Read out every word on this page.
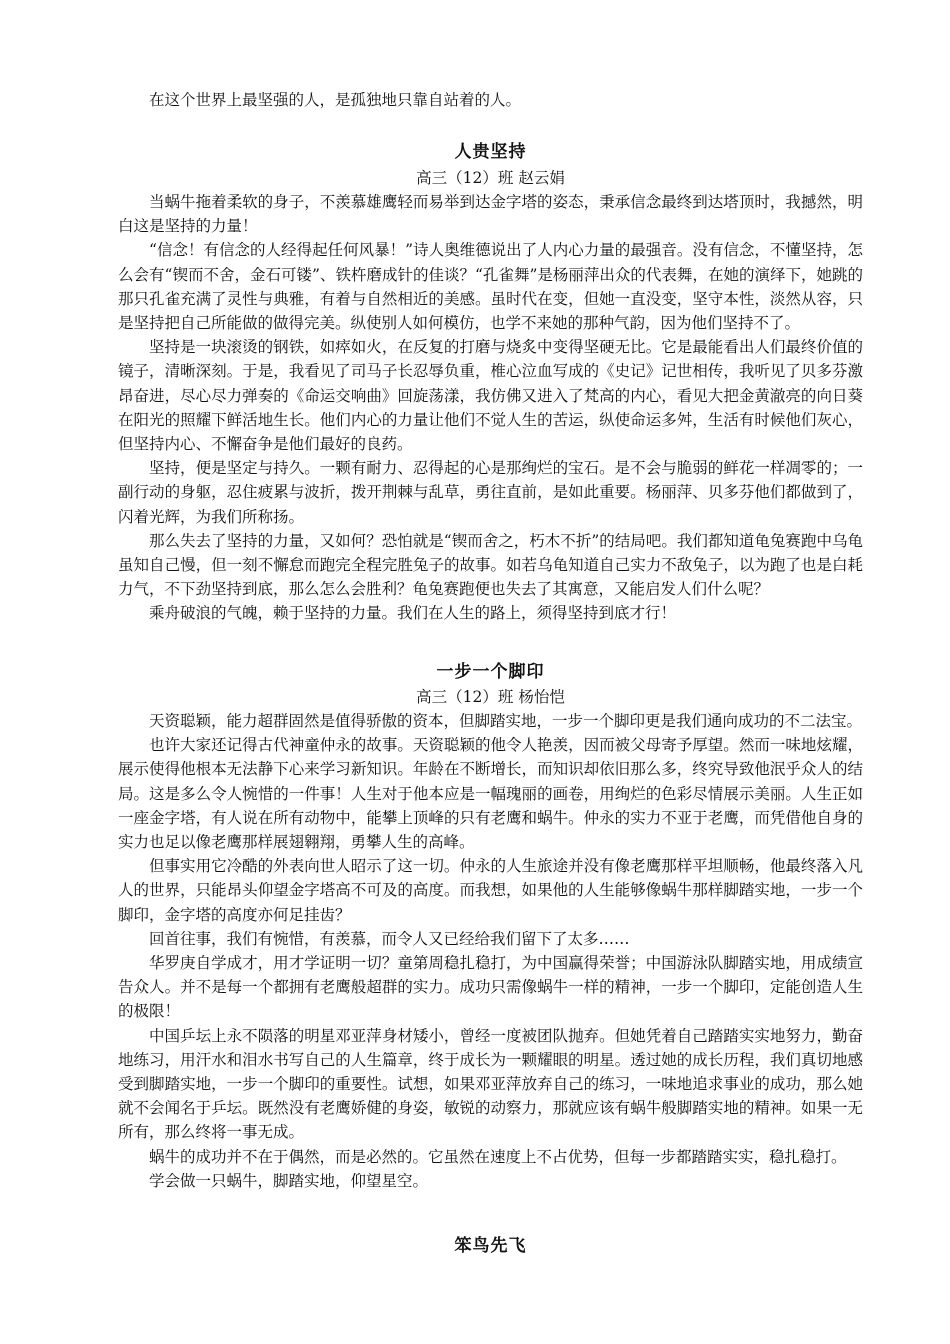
在这个世界上最坚强的人，是孤独地只靠自站着的人。

人贵坚持
高三（12）班 赵云娟

当蜗牛拖着柔软的身子，不羡慕雄鹰轻而易举到达金字塔的姿态，秉承信念最终到达塔顶时，我撼然，明白这是坚持的力量！

“信念！有信念的人经得起任何风暴！”诗人奥维德说出了人内心力量的最强音。没有信念，不懂坚持，怎么会有“锲而不舍，金石可镂”、铁杵磨成针的佳谈？“孔雀舞”是杨丽萍出众的代表舞，在她的演绎下，她跳的那只孔雀充满了灵性与典雅，有着与自然相近的美感。虽时代在变，但她一直没变，坚守本性，淡然从容，只是坚持把自己所能做的做得完美。纵使别人如何模仿，也学不来她的那种气韵，因为他们坚持不了。

坚持是一块滚烫的钢铁，如瘁如火，在反复的打磨与烧炙中变得坚硬无比。它是最能看出人们最终价值的镜子，清晰深刻。于是，我看见了司马子长忍辱负重，椎心泣血写成的《史记》记世相传，我听见了贝多芬激昂奋进，尽心尽力弹奏的《命运交响曲》回旋荡漾，我仿佛又进入了梵高的内心，看见大把金黄澈亮的向日葵在阳光的照耀下鲜活地生长。他们内心的力量让他们不觉人生的苦运，纵使命运多舛，生活有时候他们灰心，但坚持内心、不懈奋争是他们最好的良药。

坚持，便是坚定与持久。一颗有耐力、忍得起的心是那绚烂的宝石。是不会与脆弱的鲜花一样凋零的；一副行动的身躯，忍住疲累与波折，拨开荆棘与乱草，勇往直前，是如此重要。杨丽萍、贝多芬他们都做到了，闪着光辉，为我们所称扬。

那么失去了坚持的力量，又如何？恐怕就是“锲而舍之，朽木不折”的结局吧。我们都知道龟兔赛跑中乌龟虽知自己慢，但一刻不懈怠而跑完全程完胜兔子的故事。如若乌龟知道自己实力不敌兔子，以为跑了也是白耗力气，不下劲坚持到底，那么怎么会胜利？龟兔赛跑便也失去了其寓意，又能启发人们什么呢？

乘舟破浪的气魄，赖于坚持的力量。我们在人生的路上，须得坚持到底才行！

一步一个脚印
高三（12）班 杨怡恺

天资聪颖，能力超群固然是值得骄傲的资本，但脚踏实地，一步一个脚印更是我们通向成功的不二法宝。

也许大家还记得古代神童仲永的故事。天资聪颖的他令人艳羡，因而被父母寄予厚望。然而一味地炫耀，展示使得他根本无法静下心来学习新知识。年龄在不断增长，而知识却依旧那么多，终究导致他泯乎众人的结局。这是多么令人惋惜的一件事！人生对于他本应是一幅瑰丽的画卷，用绚烂的色彩尽情展示美丽。人生正如一座金字塔，有人说在所有动物中，能攀上顶峰的只有老鹰和蜗牛。仲永的实力不亚于老鹰，而凭借他自身的实力也足以像老鹰那样展翅翱翔，勇攀人生的高峰。

但事实用它冷酷的外表向世人昭示了这一切。仲永的人生旅途并没有像老鹰那样平坦顺畅，他最终落入凡人的世界，只能昂头仰望金字塔高不可及的高度。而我想，如果他的人生能够像蜗牛那样脚踏实地，一步一个脚印，金字塔的高度亦何足挂齿？

回首往事，我们有惋惜，有羡慕，而令人又已经给我们留下了太多……

华罗庚自学成才，用才学证明一切？童第周稳扎稳打，为中国赢得荣誉；中国游泳队脚踏实地，用成绩宣告众人。并不是每一个都拥有老鹰般超群的实力。成功只需像蜗牛一样的精神，一步一个脚印，定能创造人生的极限！

中国乒坛上永不陨落的明星邓亚萍身材矮小，曾经一度被团队抛弃。但她凭着自己踏踏实实地努力，勤奋地练习，用汗水和泪水书写自己的人生篇章，终于成长为一颗耀眼的明星。透过她的成长历程，我们真切地感受到脚踏实地，一步一个脚印的重要性。试想，如果邓亚萍放弃自己的练习，一味地追求事业的成功，那么她就不会闻名于乒坛。既然没有老鹰娇健的身姿，敏锐的动察力，那就应该有蜗牛般脚踏实地的精神。如果一无所有，那么终将一事无成。

蜗牛的成功并不在于偶然，而是必然的。它虽然在速度上不占优势，但每一步都踏踏实实，稳扎稳打。

学会做一只蜗牛，脚踏实地，仰望星空。

笨鸟先飞
